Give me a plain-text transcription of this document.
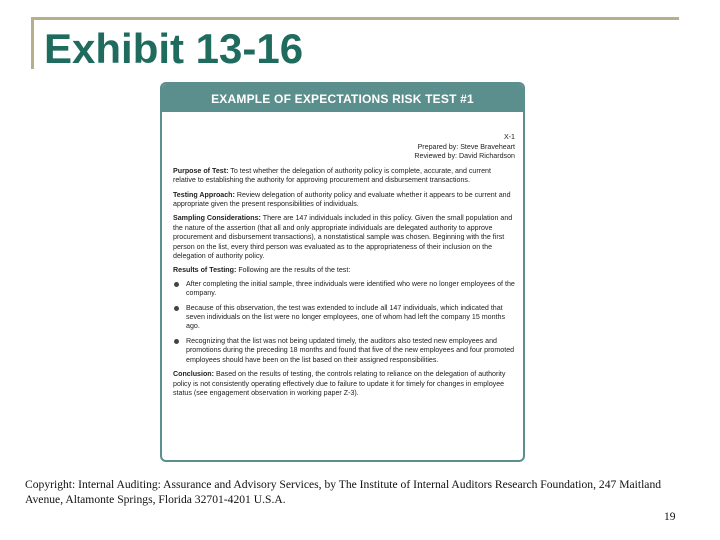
Exhibit 13-16
EXAMPLE OF EXPECTATIONS RISK TEST #1
X-1
Prepared by: Steve Braveheart
Reviewed by: David Richardson
Purpose of Test: To test whether the delegation of authority policy is complete, accurate, and current relative to establishing the authority for approving procurement and disbursement transactions.
Testing Approach: Review delegation of authority policy and evaluate whether it appears to be current and appropriate given the present responsibilities of individuals.
Sampling Considerations: There are 147 individuals included in this policy. Given the small population and the nature of the assertion (that all and only appropriate individuals are delegated authority to approve procurement and disbursement transactions), a nonstatistical sample was chosen. Beginning with the first person on the list, every third person was evaluated as to the appropriateness of their inclusion on the delegation of authority policy.
Results of Testing: Following are the results of the test:
After completing the initial sample, three individuals were identified who were no longer employees of the company.
Because of this observation, the test was extended to include all 147 individuals, which indicated that seven individuals on the list were no longer employees, one of whom had left the company 15 months ago.
Recognizing that the list was not being updated timely, the auditors also tested new employees and promotions during the preceding 18 months and found that five of the new employees and four promoted employees should have been on the list based on their assigned responsibilities.
Conclusion: Based on the results of testing, the controls relating to reliance on the delegation of authority policy is not consistently operating effectively due to failure to update it for timely for changes in employee status (see engagement observation in working paper Z-3).
Copyright: Internal Auditing: Assurance and Advisory Services, by The Institute of Internal Auditors Research Foundation, 247 Maitland Avenue, Altamonte Springs, Florida 32701-4201 U.S.A.
19
